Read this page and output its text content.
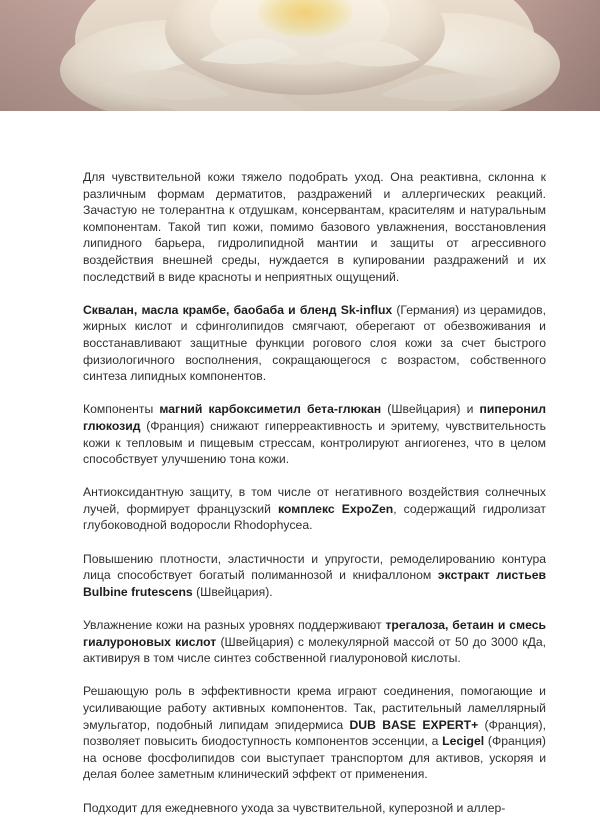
Для чувствительной кожи тяжело подобрать уход. Она реактивна, склонна к различным формам дерматитов, раздражений и аллергических реакций. Зачастую не толерантна к отдушкам, консервантам, красителям и натуральным компонентам. Такой тип кожи, помимо базового увлажнения, восстановления липидного барьера, гидролипидной мантии и защиты от агрессивного воздействия внешней среды, нуждается в купировании раздражений и их последствий в виде красноты и неприятных ощущений.

Сквалан, масла крамбе, баобаба и бленд Sk-influx (Германия) из церамидов, жирных кислот и сфинголипидов смягчают, оберегают от обезвоживания и восстанавливают защитные функции рогового слоя кожи за счет быстрого физиологичного восполнения, сокращающегося с возрастом, собственного синтеза липидных компонентов.

Компоненты магний карбоксиметил бета-глюкан (Швейцария) и пиперонил глюкозид (Франция) снижают гиперреактивность и эритему, чувствительность кожи к тепловым и пищевым стрессам, контролируют ангиогенез, что в целом способствует улучшению тона кожи.

Антиоксидантную защиту, в том числе от негативного воздействия солнечных лучей, формирует французский комплекс ExpoZen, содержащий гидролизат глубоководной водоросли Rhodophycea.

Повышению плотности, эластичности и упругости, ремоделированию контура лица способствует богатый полиманнозой и книфаллоном экстракт листьев Bulbine frutescens (Швейцария).

Увлажнение кожи на разных уровнях поддерживают трегалоза, бетаин и смесь гиалуроновых кислот (Швейцария) с молекулярной массой от 50 до 3000 кДа, активируя в том числе синтез собственной гиалуроновой кислоты.

Решающую роль в эффективности крема играют соединения, помогающие и усиливающие работу активных компонентов. Так, растительный ламеллярный эмульгатор, подобный липидам эпидермиса DUB BASE EXPERT+ (Франция), позволяет повысить биодоступность компонентов эссенции, а Lecigel (Франция) на основе фосфолипидов сои выступает транспортом для активов, ускоряя и делая более заметным клинический эффект от применения.

Подходит для ежедневного ухода за чувствительной, куперозной и аллер-
